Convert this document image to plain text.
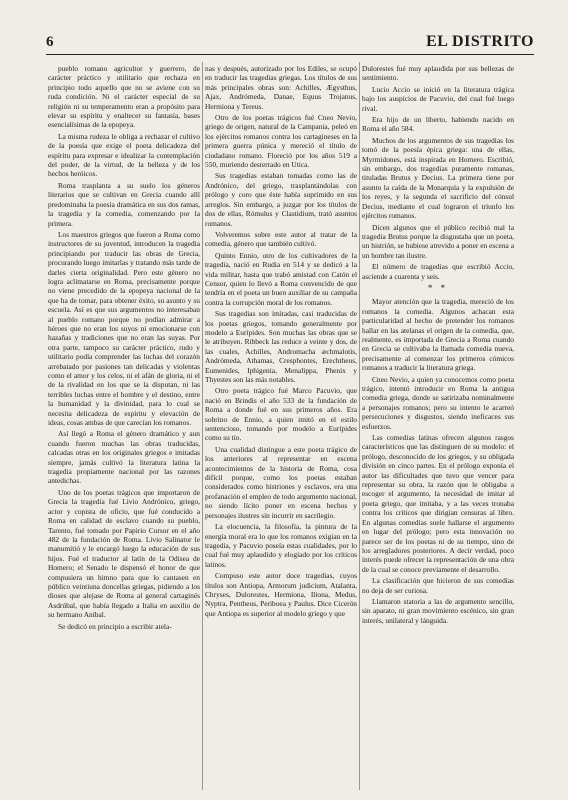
6	EL DISTRITO

pueblo romano agricultor y guerrero, de carácter práctico y utilitario que rechaza en principio todo aquello que no se aviene con su ruda condición. Ni el carácter especial de su religión ni su temperamento eran a propósito para elevar su espíritu y enaltecer su fantasía, bases esencialísimas de la epopeya.

La misma rudeza le obliga a rechazar el cultivo de la poesía que exige el poeta delicadeza del espíritu para expresar e idealizar la contemplación del poder, de la virtud, de la belleza y de los hechos heróicos.

Roma trasplanta a su suelo los géneros literarios que se cultivan en Grecia cuando allí predominaba la poesía dramática en sus dos ramas, la tragedia y la comedia, comenzando por la primera.

Los maestros griegos que fueron a Roma como instructores de su juventud, introducen la tragedia principiando por traducir las obras de Grecia, procurando luego imitarlas y tratando más tarde de darles cierta originalidad. Pero este género no logra aclimatarse en Roma, precisamente porque no viene precedido de la epopeya nacional de la que ha de tomar, para obtener éxito, su asunto y su escuela. Así es que sus argumentos no interesaban al pueblo romano porque no podían admirar a héroes que no eran los suyos ni emocionarse con hazañas y tradiciones que no eran las suyas. Por otra parte, tampoco su carácter práctico, rudo y utilitario podía comprender las luchas del corazón arrebatado por pasiones tan delicadas y violentas como el amor y los celos, ni el afán de gloria, ni el de la rivalidad en los que se la disputan, ni las terribles luchas entre el hombre y el destino, entre la humanidad y la divinidad, para lo cual se necesita delicadeza de espíritu y elevación de ideas, cosas ambas de que carecían los romanos.

Así llegó a Roma el género dramático y aun cuando fueron muchas las obras traducidas, calcadas otras en los originales griegos e imitadas siempre, jamás cultivó la literatura latina la tragedia propiamente nacional por las razones antedichas.

Uno de los poetas trágicos que importaron de Grecia la tragedia fué Livio Andrónico, griego, actor y copista de oficio, que fué conducido a Roma en calidad de esclavo cuando su pueblo, Tarento, fué tomado por Papirio Cursor en el año 482 de la fundación de Roma. Livio Salinator le manumitió y le encargó luego la educación de sus hijos. Fué el traductor al latín de la Odisea de Homero; el Senado le dispensó el honor de que compusiera un himno para que lo cantasen en público veintiuna doncellas griegas, pidiendo a los dioses que alejase de Roma al general cartaginés Asdrúbal, que había llegado a Italia en auxilio de su hermano Aníbal.

Se dedicó en principio a escribir atela-

nas y después, autorizado por los Ediles, se ocupó en traducir las tragedias griegas. Los títulos de sus más principales obras son: Achilles, Ægysthus, Ajax, Andrómeda, Danae, Equus Trojanus, Hermiona y Tereus.

Otro de los poetas trágicos fué Cneo Nevio, griego de origen, natural de la Campania, peleó en los ejércitos romanos contra los cartagineses en la primera guerra púnica y mereció el título de ciudadano romano. Floreció por los años 519 a 550, muriendo desterrado en Utica.

Sus tragedias estaban tomadas como las de Andrónico, del griego, trasplantándolas con prólogo y coro que éste había suprimido en sus arreglos. Sin embargo, a juzgar por los títulos de dos de ellas, Rómulus y Clastidium, trató asuntos romanos.

Volveremos sobre este autor al tratar de la comedia, género que también cultivó.

Quinto Ennio, otro de los cultivadores de la tragedia, nació en Rudia en 514 y se dedicó a la vida militar, hasta que trabó amistad con Catón el Censor, quien lo llevó a Roma convencido de que tendría en el poeta un buen auxiliar de su campaña contra la corrupción moral de los romanos.

Sus tragedias son imitadas, casi traducidas de los poetas griegos, tomando generalmente por modelo a Eurípides. Son muchas las obras que se le atribuyen. Ribbeck las reduce a veinte y dos, de las cuales, Achilles, Andromacha æchmalotis, Andrómeda, Athamas, Cresphontes, Erechtheus, Eumenides, Iphigenia, Menalippa, Phenix y Thyestes son las más notables.

Otro poeta trágico fué Marco Pacuvio, que nació en Brindis el año 533 de la fundación de Roma a donde fué en sus primeros años. Era sobrino de Ennio, a quien imitó en el estilo sentencioso, tomando por modelo a Eurípides como su tío.

Una cualidad distingue a este poeta trágico de los anteriores al representar en escena acontecimientos de la historia de Roma, cosa difícil porque, como los poetas estaban considerados como histriones y esclavos, era una profanación el empleo de todo argumento nacional, no siendo lícito poner en escena hechos y personajes ilustres sin incurrir en sacrilegio.

La elocuencia, la filosofía, la pintura de la energía moral era lo que los romanos exigían en la tragedia, y Pacuvio poseía estas cualidades, por lo cual fué muy aplaudido y elogiado por los críticos latinos.

Compuso este autor doce tragedias, cuyos títulos son Antiopa, Armorum judicium, Atalanta, Chryses, Dulorestes, Hermiona, Iliona, Medus, Nyptra, Pentheus, Periboea y Paulus. Dice Cicerón que Antiopa es superior al modelo griego y que

Dulorestes fué muy aplaudida por sus bellezas de sentimiento.

Lucio Accio se inició en la literatura trágica bajo los auspicios de Pacuvio, del cual fué luego rival.

Era hijo de un liberto, habiendo nacido en Roma el año 584.

Muchos de los argumentos de sus tragedias los tomó de la poesía épica griega: una de ellas, Myrmidones, está inspirada en Homero. Escribió, sin embargo, dos tragedias puramente romanas, tituladas Brutus y Decius. La primera tiene por asunto la caída de la Monarquía y la expulsión de los reyes, y la segunda el sacrificio del cónsul Decius, mediante el cual lograron el triunfo los ejércitos romanos.

Dicen algunos que el público recibió mal la tragedia Brutus porque la disgustaba que un poeta, un histrión, se hubiese atrevido a poner en escena a un hombre tan ilustre.

El número de tragedias que escribió Accio, asciende a cuarenta y seis.

* *

Mayor atención que la tragedia, mereció de los romanos la comedia. Algunos achacan esta particularidad al hecho de pretender los romanos hallar en las atelanas el origen de la comedia, que, realmente, es importada de Grecia a Roma cuando en Grecia se cultivaba la llamada comedia nueva, precisamente al comenzar los primeros cómicos romanos a traducir la literatura griega.

Cneo Nevio, a quien ya conocemos como poeta trágico, intentó introducir en Roma la antigua comedia griega, donde se satirizaba nominalmente a personajes romanos; pero su intento le acarreó persecuciones y disgustos, siendo ineficaces sus esfuerzos.

Las comedias latinas ofrecen algunos rasgos característicos que las distinguen de su modelo: el prólogo, desconocido de los griegos, y su obligada división en cinco partes. En el prólogo exponía el autor las dificultades que tuvo que vencer para representar su obra, la razón que le obligaba a escoger el argumento, la necesidad de imitar al poeta griego, que imitaba, y a las veces tronaba contra los críticos que dirigían censuras al libro. En algunas comedias suele hallarse el argumento en lugar del prólogo; pero esta innovación no parece ser de los poetas ni de su tiempo, sino de los arregladores posteriores. A decir verdad, poco interés puede ofrecer la representación de una obra de la cual se conoce previamente el desarrollo.

La clasificación que hicieron de sus comedias no deja de ser curiosa.

Llamaron statoria a las de argumento sencillo, sin aparato, ni gran movimiento escénico, sin gran interés, unilateral y lánguida.
